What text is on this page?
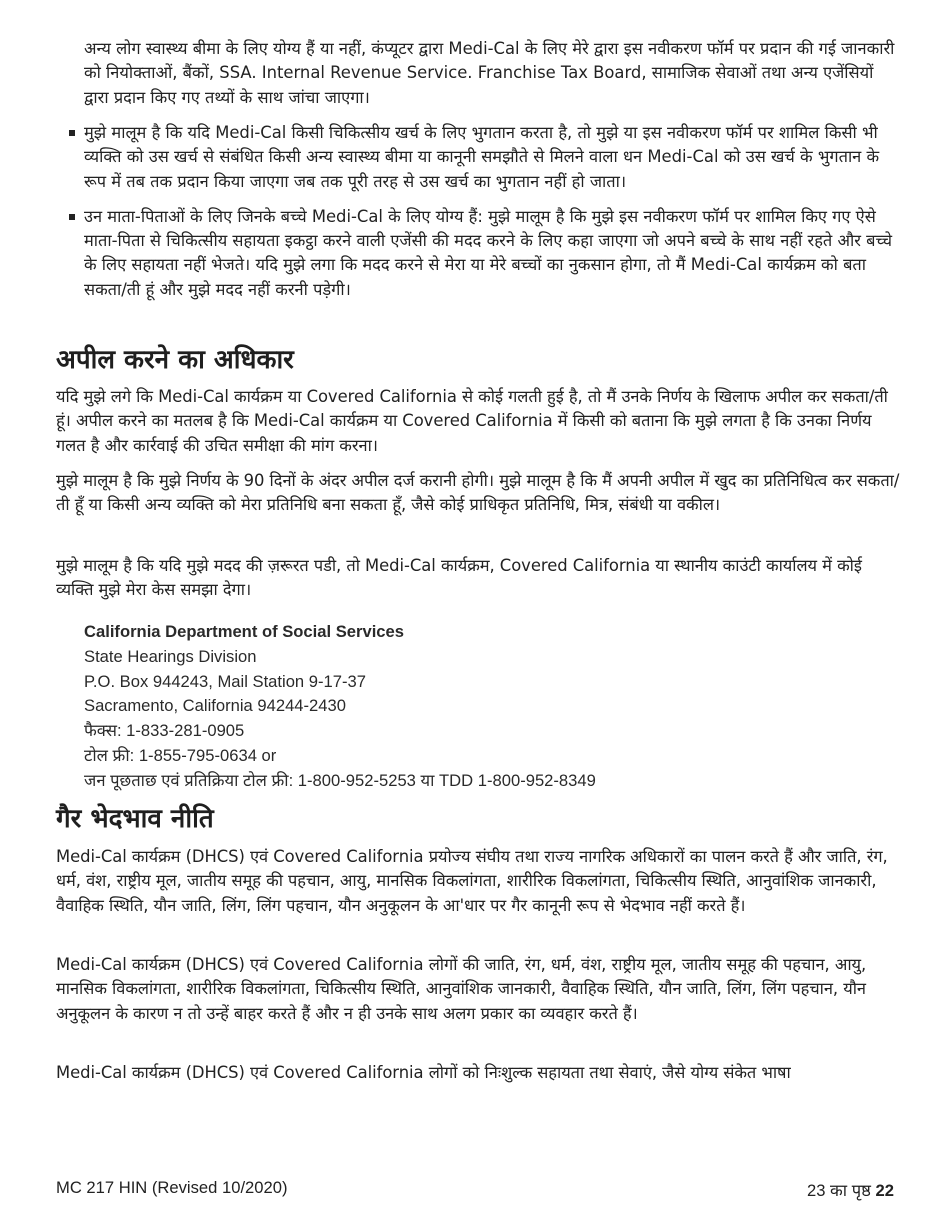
अन्य लोग स्वास्थ्य बीमा के लिए योग्य हैं या नहीं, कंप्यूटर द्वारा Medi-Cal के लिए मेरे द्वारा इस नवीकरण फॉर्म पर प्रदान की गई जानकारी को नियोक्ताओं, बैंकों, SSA. Internal Revenue Service. Franchise Tax Board, सामाजिक सेवाओं तथा अन्य एजेंसियों द्वारा प्रदान किए गए तथ्यों के साथ जांचा जाएगा।

मुझे मालूम है कि यदि Medi-Cal किसी चिकित्सीय खर्च के लिए भुगतान करता है, तो मुझे या इस नवीकरण फॉर्म पर शामिल किसी भी व्यक्ति को उस खर्च से संबंधित किसी अन्य स्वास्थ्य बीमा या कानूनी समझौते से मिलने वाला धन Medi-Cal को उस खर्च के भुगतान के रूप में तब तक प्रदान किया जाएगा जब तक पूरी तरह से उस खर्च का भुगतान नहीं हो जाता।
उन माता-पिताओं के लिए जिनके बच्चे Medi-Cal के लिए योग्य हैं: मुझे मालूम है कि मुझे इस नवीकरण फॉर्म पर शामिल किए गए ऐसे माता-पिता से चिकित्सीय सहायता इकट्ठा करने वाली एजेंसी की मदद करने के लिए कहा जाएगा जो अपने बच्चे के साथ नहीं रहते और बच्चे के लिए सहायता नहीं भेजते। यदि मुझे लगा कि मदद करने से मेरा या मेरे बच्चों का नुकसान होगा, तो मैं Medi-Cal कार्यक्रम को बता सकता/ती हूं और मुझे मदद नहीं करनी पड़ेगी।
अपील करने का अधिकार

यदि मुझे लगे कि Medi-Cal कार्यक्रम या Covered California से कोई गलती हुई है, तो मैं उनके निर्णय के खिलाफ अपील कर सकता/ती हूं। अपील करने का मतलब है कि Medi-Cal कार्यक्रम या Covered California में किसी को बताना कि मुझे लगता है कि उनका निर्णय गलत है और कार्रवाई की उचित समीक्षा की मांग करना।

मुझे मालूम है कि मुझे निर्णय के 90 दिनों के अंदर अपील दर्ज करानी होगी। मुझे मालूम है कि मैं अपनी अपील में खुद का प्रतिनिधित्व कर सकता/ती हूँ या किसी अन्य व्यक्ति को मेरा प्रतिनिधि बना सकता हूँ, जैसे कोई प्राधिकृत प्रतिनिधि, मित्र, संबंधी या वकील।

मुझे मालूम है कि यदि मुझे मदद की ज़रूरत पडी, तो Medi-Cal कार्यक्रम, Covered California या स्थानीय काउंटी कार्यालय में कोई व्यक्ति मुझे मेरा केस समझा देगा।

California Department of Social Services
State Hearings Division
P.O. Box 944243, Mail Station 9-17-37
Sacramento, California 94244-2430
फैक्स: 1-833-281-0905
टोल फ्री: 1-855-795-0634 or
जन पूछताछ एवं प्रतिक्रिया टोल फ्री: 1-800-952-5253 या TDD 1-800-952-8349
गैर भेदभाव नीति

Medi-Cal कार्यक्रम (DHCS) एवं Covered California प्रयोज्य संघीय तथा राज्य नागरिक अधिकारों का पालन करते हैं और जाति, रंग, धर्म, वंश, राष्ट्रीय मूल, जातीय समूह की पहचान, आयु, मानसिक विकलांगता, शारीरिक विकलांगता, चिकित्सीय स्थिति, आनुवांशिक जानकारी, वैवाहिक स्थिति, यौन जाति, लिंग, लिंग पहचान, यौन अनुकूलन के आ'धार पर गैर कानूनी रूप से भेदभाव नहीं करते हैं।

Medi-Cal कार्यक्रम (DHCS) एवं Covered California लोगों की जाति, रंग, धर्म, वंश, राष्ट्रीय मूल, जातीय समूह की पहचान, आयु, मानसिक विकलांगता, शारीरिक विकलांगता, चिकित्सीय स्थिति, आनुवांशिक जानकारी, वैवाहिक स्थिति, यौन जाति, लिंग, लिंग पहचान, यौन अनुकूलन के कारण न तो उन्हें बाहर करते हैं और न ही उनके साथ अलग प्रकार का व्यवहार करते हैं।

Medi-Cal कार्यक्रम (DHCS) एवं Covered California लोगों को निःशुल्क सहायता तथा सेवाएं, जैसे योग्य संकेत भाषा

MC 217 HIN (Revised 10/2020)	23 का पृष्ठ 22
